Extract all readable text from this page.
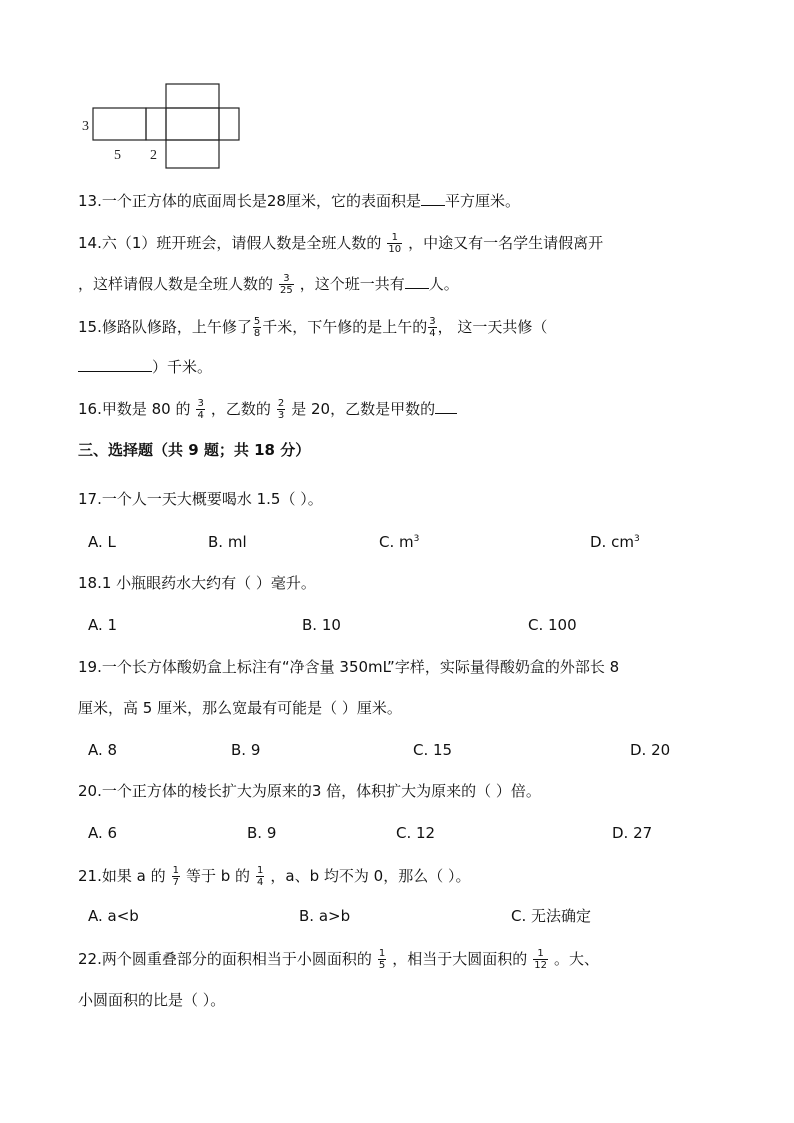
3
5 2
13.一个正方体的底面周长是28厘米，它的表面积是 平方厘米。
14.六（1）班开班会，请假人数是全班人数的 $\frac{1}{10}$ ，中途又有一名学生请假离开
，这样请假人数是全班人数的 $\frac{3}{25}$ ，这个班一共有 人。
15.修路队修路，上午修了 $\frac{5}{8}$ 千米，下午修的是上午的 $\frac{3}{4}$ ， 这一天共修（
）千米。
16.甲数是 80 的 $\frac{3}{4}$ ，乙数的 $\frac{2}{3}$ 是 20，乙数是甲数的
三、选择题（共 9 题；共 18 分）
17.一个人一天大概要喝水 1.5（ ）。
A. L	B. ml	C. $m^3$	D. $cm^3$
18.1 小瓶眼药水大约有（ ）毫升。
A. 1	B. 10	C. 100
19.一个长方体酸奶盒上标注有“净含量 350mL”字样，实际量得酸奶盒的外部长 8
厘米，高 5 厘米，那么宽最有可能是（ ）厘米。
A. 8	B. 9	C. 15	D. 20
20.一个正方体的棱长扩大为原来的3 倍，体积扩大为原来的（ ）倍。
A. 6	B. 9	C. 12	D. 27
21.如果 a 的 $\frac{1}{7}$ 等于 b 的 $\frac{1}{4}$ ，a、b 均不为 0，那么（ ）。
A. a<b	B. a>b	C. 无法确定
22.两个圆重叠部分的面积相当于小圆面积的 $\frac{1}{5}$ ，相当于大圆面积的 $\frac{1}{12}$ 。大、
小圆面积的比是（ ）。
